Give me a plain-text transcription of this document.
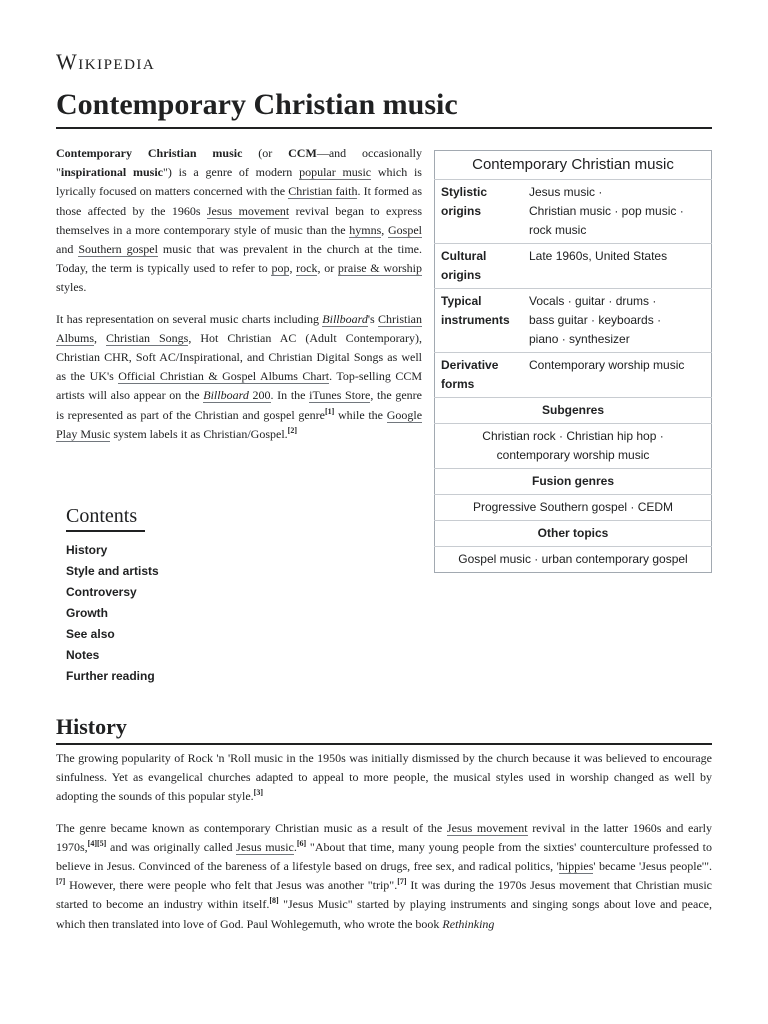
Wikipedia
Contemporary Christian music

Contemporary Christian music (or CCM—and occasionally "inspirational music") is a genre of modern popular music which is lyrically focused on matters concerned with the Christian faith. It formed as those affected by the 1960s Jesus movement revival began to express themselves in a more contemporary style of music than the hymns, Gospel and Southern gospel music that was prevalent in the church at the time. Today, the term is typically used to refer to pop, rock, or praise & worship styles.

It has representation on several music charts including Billboard's Christian Albums, Christian Songs, Hot Christian AC (Adult Contemporary), Christian CHR, Soft AC/Inspirational, and Christian Digital Songs as well as the UK's Official Christian & Gospel Albums Chart. Top-selling CCM artists will also appear on the Billboard 200. In the iTunes Store, the genre is represented as part of the Christian and gospel genre[1] while the Google Play Music system labels it as Christian/Gospel.[2]

Contemporary Christian music	
Stylistic origins	Jesus music ·
Christian music · pop music ·
rock music

Cultural origins	Late 1960s, United States
Typical instruments	Vocals · guitar · drums ·
bass guitar · keyboards ·
piano · synthesizer

Derivative forms	Contemporary worship music
Subgenres	

Christian rock · Christian hip hop ·
contemporary worship music	

Fusion genres	
Progressive Southern gospel · CEDM	
Other topics	
Gospel music · urban contemporary gospel	
Contents
History
Style and artists
Controversy
Growth
See also
Notes
Further reading
History

The growing popularity of Rock 'n 'Roll music in the 1950s was initially dismissed by the church because it was believed to encourage sinfulness. Yet as evangelical churches adapted to appeal to more people, the musical styles used in worship changed as well by adopting the sounds of this popular style.[3]

The genre became known as contemporary Christian music as a result of the Jesus movement revival in the latter 1960s and early 1970s,[4][5] and was originally called Jesus music.[6] "About that time, many young people from the sixties' counterculture professed to believe in Jesus. Convinced of the bareness of a lifestyle based on drugs, free sex, and radical politics, 'hippies' became 'Jesus people'".[7] However, there were people who felt that Jesus was another "trip".[7] It was during the 1970s Jesus movement that Christian music started to become an industry within itself.[8] "Jesus Music" started by playing instruments and singing songs about love and peace, which then translated into love of God. Paul Wohlegemuth, who wrote the book Rethinking
